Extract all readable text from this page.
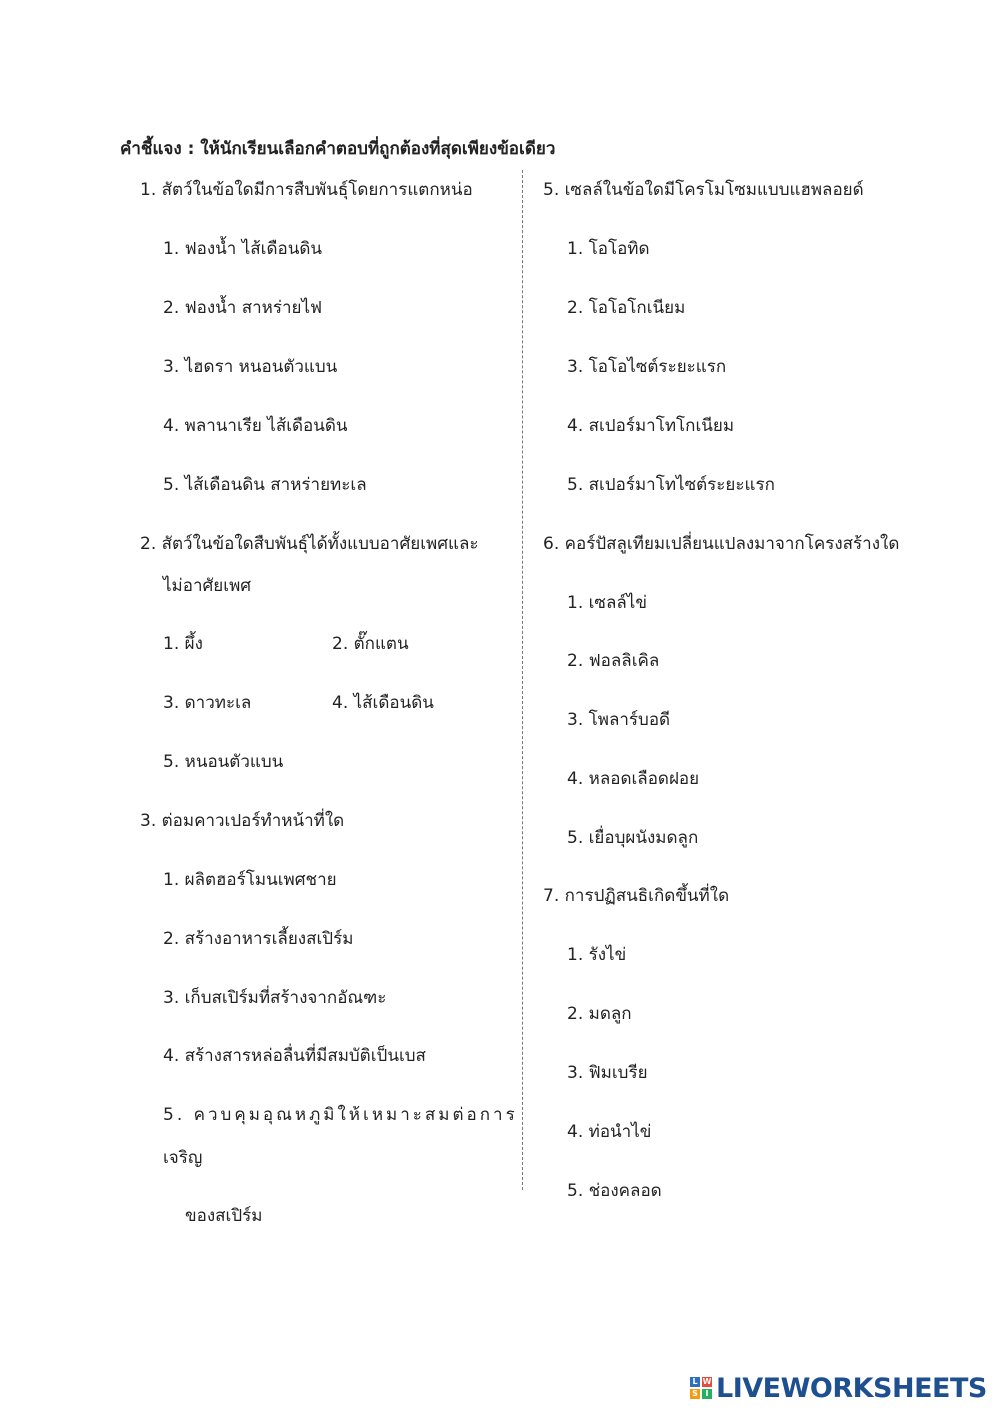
คำชี้แจง : ให้นักเรียนเลือกคำตอบที่ถูกต้องที่สุดเพียงข้อเดียว
1. สัตว์ในข้อใดมีการสืบพันธุ์โดยการแตกหน่อ
1. ฟองน้ำ ไส้เดือนดิน
2. ฟองน้ำ สาหร่ายไฟ
3. ไฮดรา หนอนตัวแบน
4. พลานาเรีย ไส้เดือนดิน
5. ไส้เดือนดิน สาหร่ายทะเล
2. สัตว์ในข้อใดสืบพันธุ์ได้ทั้งแบบอาศัยเพศและ
ไม่อาศัยเพศ
1. ผึ้ง	2. ตั๊กแตน
3. ดาวทะเล	4. ไส้เดือนดิน
5. หนอนตัวแบน
3. ต่อมคาวเปอร์ทำหน้าที่ใด
1. ผลิตฮอร์โมนเพศชาย
2. สร้างอาหารเลี้ยงสเปิร์ม
3. เก็บสเปิร์มที่สร้างจากอัณฑะ
4. สร้างสารหล่อลื่นที่มีสมบัติเป็นเบส
5. ควบคุมอุณหภูมิให้เหมาะสมต่อการ
เจริญ
ของสเปิร์ม
5. เซลล์ในข้อใดมีโครโมโซมแบบแฮพลอยด์
1. โอโอทิด
2. โอโอโกเนียม
3. โอโอไซต์ระยะแรก
4. สเปอร์มาโทโกเนียม
5. สเปอร์มาโทไซต์ระยะแรก
6. คอร์ปัสลูเทียมเปลี่ยนแปลงมาจากโครงสร้างใด
1. เซลล์ไข่
2. ฟอลลิเคิล
3. โพลาร์บอดี
4. หลอดเลือดฝอย
5. เยื่อบุผนังมดลูก
7. การปฏิสนธิเกิดขึ้นที่ใด
1. รังไข่
2. มดลูก
3. ฟิมเบรีย
4. ท่อนำไข่
5. ช่องคลอด
L W
S I LIVEWORKSHEETS
